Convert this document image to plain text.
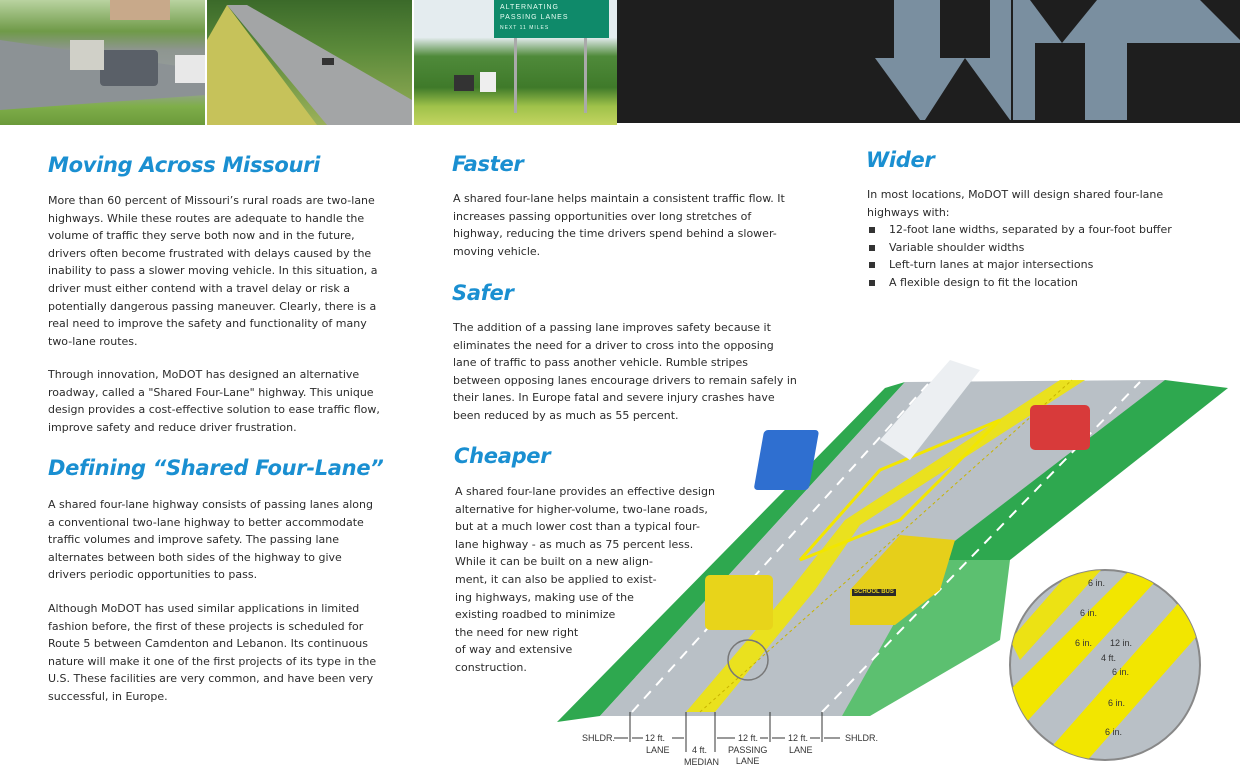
ALTERNATING
PASSING LANES
NEXT 11 MILES
Moving Across Missouri
More than 60 percent of Missouri’s rural roads are two-lane highways. While these routes are adequate to handle the volume of traffic they serve both now and in the future, drivers often become frustrated with delays caused by the inability to pass a slower moving vehicle. In this situation, a driver must either contend with a travel delay or risk a potentially dangerous passing maneuver. Clearly, there is a real need to improve the safety and functionality of many two-lane routes.
Through innovation, MoDOT has designed an alternative roadway, called a "Shared Four-Lane" highway. This unique design provides a cost-effective solution to ease traffic flow, improve safety and reduce driver frustration.
Defining “Shared Four-Lane”
A shared four-lane highway consists of passing lanes along a conventional two-lane highway to better accommodate traffic volumes and improve safety. The passing lane alternates between both sides of the highway to give drivers periodic opportunities to pass.
Although MoDOT has used similar applications in limited fashion before, the first of these projects is scheduled for Route 5 between Camdenton and Lebanon. Its continuous nature will make it one of the first projects of its type in the U.S. These facilities are very common, and have been very successful, in Europe.
Faster
A shared four-lane helps maintain a consistent traffic flow. It increases passing opportunities over long stretches of highway, reducing the time drivers spend behind a slower-moving vehicle.
Safer
The addition of a passing lane improves safety because it eliminates the need for a driver to cross into the opposing lane of traffic to pass another vehicle. Rumble stripes between opposing lanes encourage drivers to remain safely in their lanes. In Europe fatal and severe injury crashes have been reduced by as much as 55 percent.
SCHOOL BUS
SHLDR.	12 ft.
LANE 4 ft.
MEDIAN
12 ft.
PASSING
LANE
12 ft.
LANE
SHLDR.
6 in.
6 in.
6 in. 12 in.
4 ft.
6 in.
6 in.
6 in.
Cheaper
A shared four-lane provides an effective design
alternative for higher-volume, two-lane roads,
but at a much lower cost than a typical four-
lane highway - as much as 75 percent less.
While it can be built on a new align-
ment, it can also be applied to exist-
ing highways, making use of the
existing roadbed to minimize
the need for new right
of way and extensive
construction.
Wider
In most locations, MoDOT will design shared four-lane highways with:
12-foot lane widths, separated by a four-foot buffer
Variable shoulder widths
Left-turn lanes at major intersections
A flexible design to fit the location
